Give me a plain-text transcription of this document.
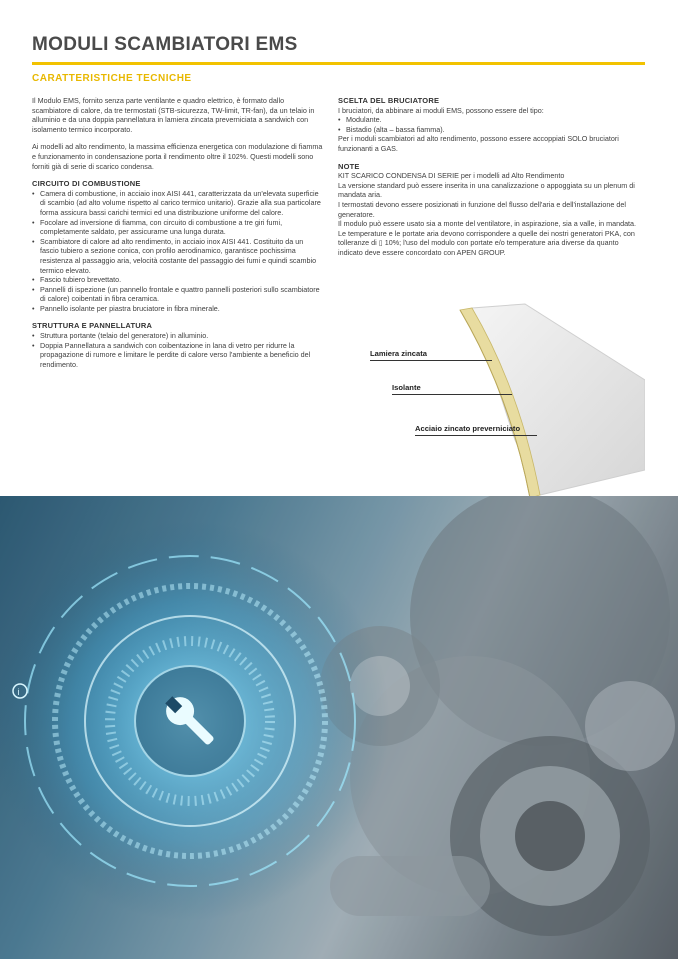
MODULI SCAMBIATORI EMS
CARATTERISTICHE TECNICHE

Il Modulo EMS, fornito senza parte ventilante e quadro elettrico, è formato dallo scambiatore di calore, da tre termostati (STB-sicurezza, TW-limit, TR-fan), da un telaio in alluminio e da una doppia pannellatura in lamiera zincata preverniciata a sandwich con isolamento termico incorporato.

Ai modelli ad alto rendimento, la massima efficienza energetica con modulazione di fiamma e funzionamento in condensazione porta il rendimento oltre il 102%. Questi modelli sono forniti già di serie di scarico condensa.

CIRCUITO DI COMBUSTIONE
• Camera di combustione, in acciaio inox AISI 441, caratterizzata da un'elevata superficie di scambio (ad alto volume rispetto al carico termico unitario). Grazie alla sua particolare forma assicura bassi carichi termici ed una distribuzione uniforme del calore.
• Focolare ad inversione di fiamma, con circuito di combustione a tre giri fumi, completamente saldato, per assicurarne una lunga durata.
• Scambiatore di calore ad alto rendimento, in acciaio inox AISI 441. Costituito da un fascio tubiero a sezione conica, con profilo aerodinamico, garantisce pochissima resistenza al passaggio aria, velocità costante del passaggio dei fumi e quindi scambio termico elevato.
• Fascio tubiero brevettato.
• Pannelli di ispezione (un pannello frontale e quattro pannelli posteriori sullo scambiatore di calore) coibentati in fibra ceramica.
• Pannello isolante per piastra bruciatore in fibra minerale.
STRUTTURA E PANNELLATURA
• Struttura portante (telaio del generatore) in alluminio.
• Doppia Pannellatura a sandwich con coibentazione in lana di vetro per ridurre la propagazione di rumore e limitare le perdite di calore verso l'ambiente a beneficio del rendimento.
SCELTA DEL BRUCIATORE
I bruciatori, da abbinare ai moduli EMS, possono essere del tipo:
• Modulante.
• Bistadio (alta – bassa fiamma).

Per i moduli scambiatori ad alto rendimento, possono essere accoppiati SOLO bruciatori funzionanti a GAS.

NOTE
KIT SCARICO CONDENSA DI SERIE per i modelli ad Alto Rendimento
La versione standard può essere inserita in una canalizzazione o appoggiata su un plenum di mandata aria.
I termostati devono essere posizionati in funzione del flusso dell'aria e dell'installazione del generatore.
Il modulo può essere usato sia a monte del ventilatore, in aspirazione, sia a valle, in mandata.
Le temperature e le portate aria devono corrispondere a quelle dei nostri generatori PKA, con tolleranze di ▯ 10%; l'uso del modulo con portate e/o temperature aria diverse da quanto indicato deve essere concordato con APEN GROUP.
Lamiera zincata
Isolante
Acciaio zincato preverniciato
i
